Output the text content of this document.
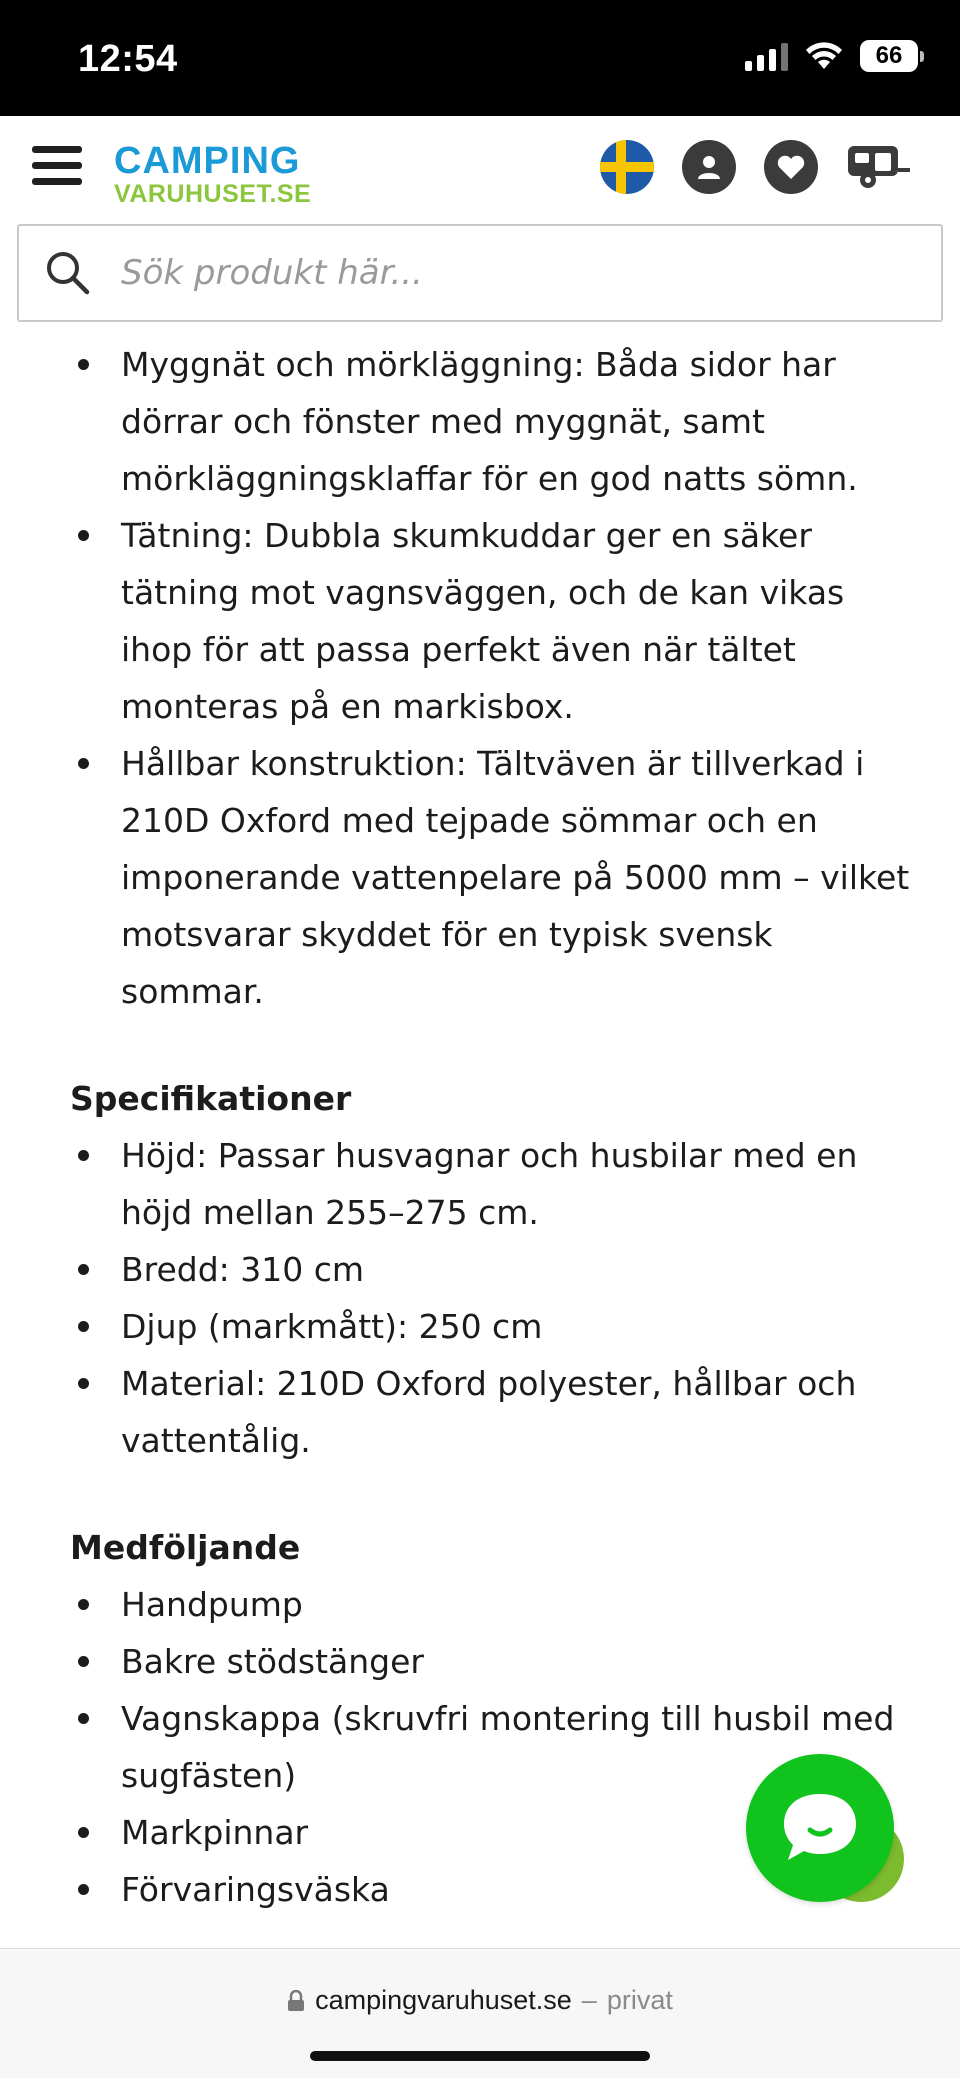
12:54	66
CAMPING
VARUHUSET.SE
Sök produkt här...
Myggnät och mörkläggning: Båda sidor har dörrar och fönster med myggnät, samt mörkläggningsklaffar för en god natts sömn.
Tätning: Dubbla skumkuddar ger en säker tätning mot vagnsväggen, och de kan vikas ihop för att passa perfekt även när tältet monteras på en markisbox.
Hållbar konstruktion: Tältväven är tillverkad i 210D Oxford med tejpade sömmar och en imponerande vattenpelare på 5000 mm – vilket motsvarar skyddet för en typisk svensk sommar.
Specifikationer
Höjd: Passar husvagnar och husbilar med en höjd mellan 255–275 cm.
Bredd: 310 cm
Djup (markmått): 250 cm
Material: 210D Oxford polyester, hållbar och vattentålig.
Medföljande
Handpump
Bakre stödstänger
Vagnskappa (skruvfri montering till husbil med sugfästen)
Markpinnar
Förvaringsväska
campingvaruhuset.se – privat
